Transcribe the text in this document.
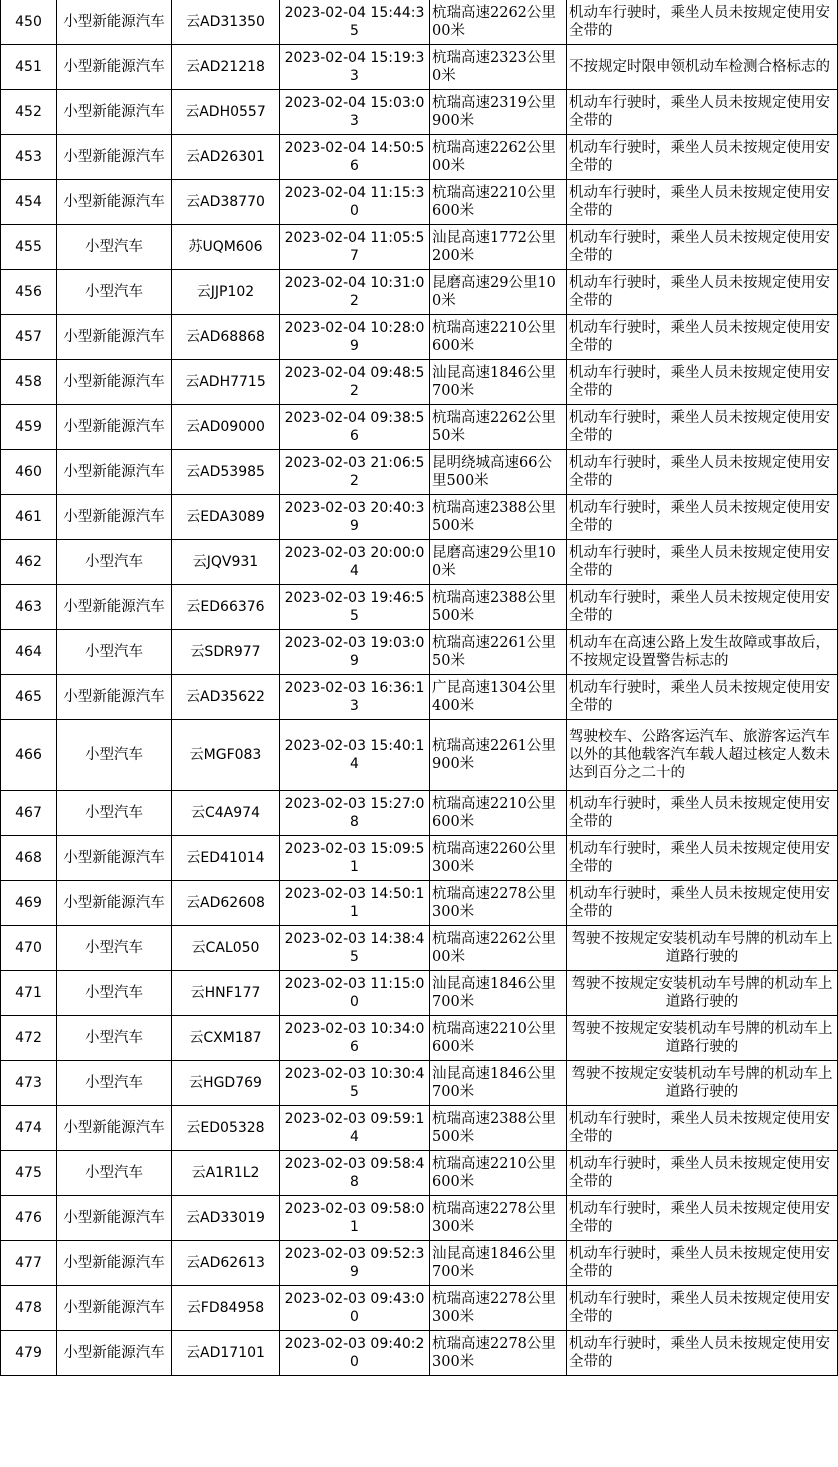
450	小型新能源汽车	云AD31350	2023-02-04 15:44:35	杭瑞高速2262公里00米	机动车行驶时，乘坐人员未按规定使用安全带的
451	小型新能源汽车	云AD21218	2023-02-04 15:19:33	杭瑞高速2323公里0米	不按规定时限申领机动车检测合格标志的
452	小型新能源汽车	云ADH0557	2023-02-04 15:03:03	杭瑞高速2319公里900米	机动车行驶时，乘坐人员未按规定使用安全带的
453	小型新能源汽车	云AD26301	2023-02-04 14:50:56	杭瑞高速2262公里00米	机动车行驶时，乘坐人员未按规定使用安全带的
454	小型新能源汽车	云AD38770	2023-02-04 11:15:30	杭瑞高速2210公里600米	机动车行驶时，乘坐人员未按规定使用安全带的
455	小型汽车	苏UQM606	2023-02-04 11:05:57	汕昆高速1772公里200米	机动车行驶时，乘坐人员未按规定使用安全带的
456	小型汽车	云JJP102	2023-02-04 10:31:02	昆磨高速29公里100米	机动车行驶时，乘坐人员未按规定使用安全带的
457	小型新能源汽车	云AD68868	2023-02-04 10:28:09	杭瑞高速2210公里600米	机动车行驶时，乘坐人员未按规定使用安全带的
458	小型新能源汽车	云ADH7715	2023-02-04 09:48:52	汕昆高速1846公里700米	机动车行驶时，乘坐人员未按规定使用安全带的
459	小型新能源汽车	云AD09000	2023-02-04 09:38:56	杭瑞高速2262公里50米	机动车行驶时，乘坐人员未按规定使用安全带的
460	小型新能源汽车	云AD53985	2023-02-03 21:06:52	昆明绕城高速66公里500米	机动车行驶时，乘坐人员未按规定使用安全带的
461	小型新能源汽车	云EDA3089	2023-02-03 20:40:39	杭瑞高速2388公里500米	机动车行驶时，乘坐人员未按规定使用安全带的
462	小型汽车	云JQV931	2023-02-03 20:00:04	昆磨高速29公里100米	机动车行驶时，乘坐人员未按规定使用安全带的
463	小型新能源汽车	云ED66376	2023-02-03 19:46:55	杭瑞高速2388公里500米	机动车行驶时，乘坐人员未按规定使用安全带的
464	小型汽车	云SDR977	2023-02-03 19:03:09	杭瑞高速2261公里50米	机动车在高速公路上发生故障或事故后，不按规定设置警告标志的
465	小型新能源汽车	云AD35622	2023-02-03 16:36:13	广昆高速1304公里400米	机动车行驶时，乘坐人员未按规定使用安全带的
466	小型汽车	云MGF083	2023-02-03 15:40:14	杭瑞高速2261公里900米	驾驶校车、公路客运汽车、旅游客运汽车以外的其他载客汽车载人超过核定人数未达到百分之二十的
467	小型汽车	云C4A974	2023-02-03 15:27:08	杭瑞高速2210公里600米	机动车行驶时，乘坐人员未按规定使用安全带的
468	小型新能源汽车	云ED41014	2023-02-03 15:09:51	杭瑞高速2260公里300米	机动车行驶时，乘坐人员未按规定使用安全带的
469	小型新能源汽车	云AD62608	2023-02-03 14:50:11	杭瑞高速2278公里300米	机动车行驶时，乘坐人员未按规定使用安全带的
470	小型汽车	云CAL050	2023-02-03 14:38:45	杭瑞高速2262公里00米	驾驶不按规定安装机动车号牌的机动车上道路行驶的
471	小型汽车	云HNF177	2023-02-03 11:15:00	汕昆高速1846公里700米	驾驶不按规定安装机动车号牌的机动车上道路行驶的
472	小型汽车	云CXM187	2023-02-03 10:34:06	杭瑞高速2210公里600米	驾驶不按规定安装机动车号牌的机动车上道路行驶的
473	小型汽车	云HGD769	2023-02-03 10:30:45	汕昆高速1846公里700米	驾驶不按规定安装机动车号牌的机动车上道路行驶的
474	小型新能源汽车	云ED05328	2023-02-03 09:59:14	杭瑞高速2388公里500米	机动车行驶时，乘坐人员未按规定使用安全带的
475	小型汽车	云A1R1L2	2023-02-03 09:58:48	杭瑞高速2210公里600米	机动车行驶时，乘坐人员未按规定使用安全带的
476	小型新能源汽车	云AD33019	2023-02-03 09:58:01	杭瑞高速2278公里300米	机动车行驶时，乘坐人员未按规定使用安全带的
477	小型新能源汽车	云AD62613	2023-02-03 09:52:39	汕昆高速1846公里700米	机动车行驶时，乘坐人员未按规定使用安全带的
478	小型新能源汽车	云FD84958	2023-02-03 09:43:00	杭瑞高速2278公里300米	机动车行驶时，乘坐人员未按规定使用安全带的
479	小型新能源汽车	云AD17101	2023-02-03 09:40:20	杭瑞高速2278公里300米	机动车行驶时，乘坐人员未按规定使用安全带的
